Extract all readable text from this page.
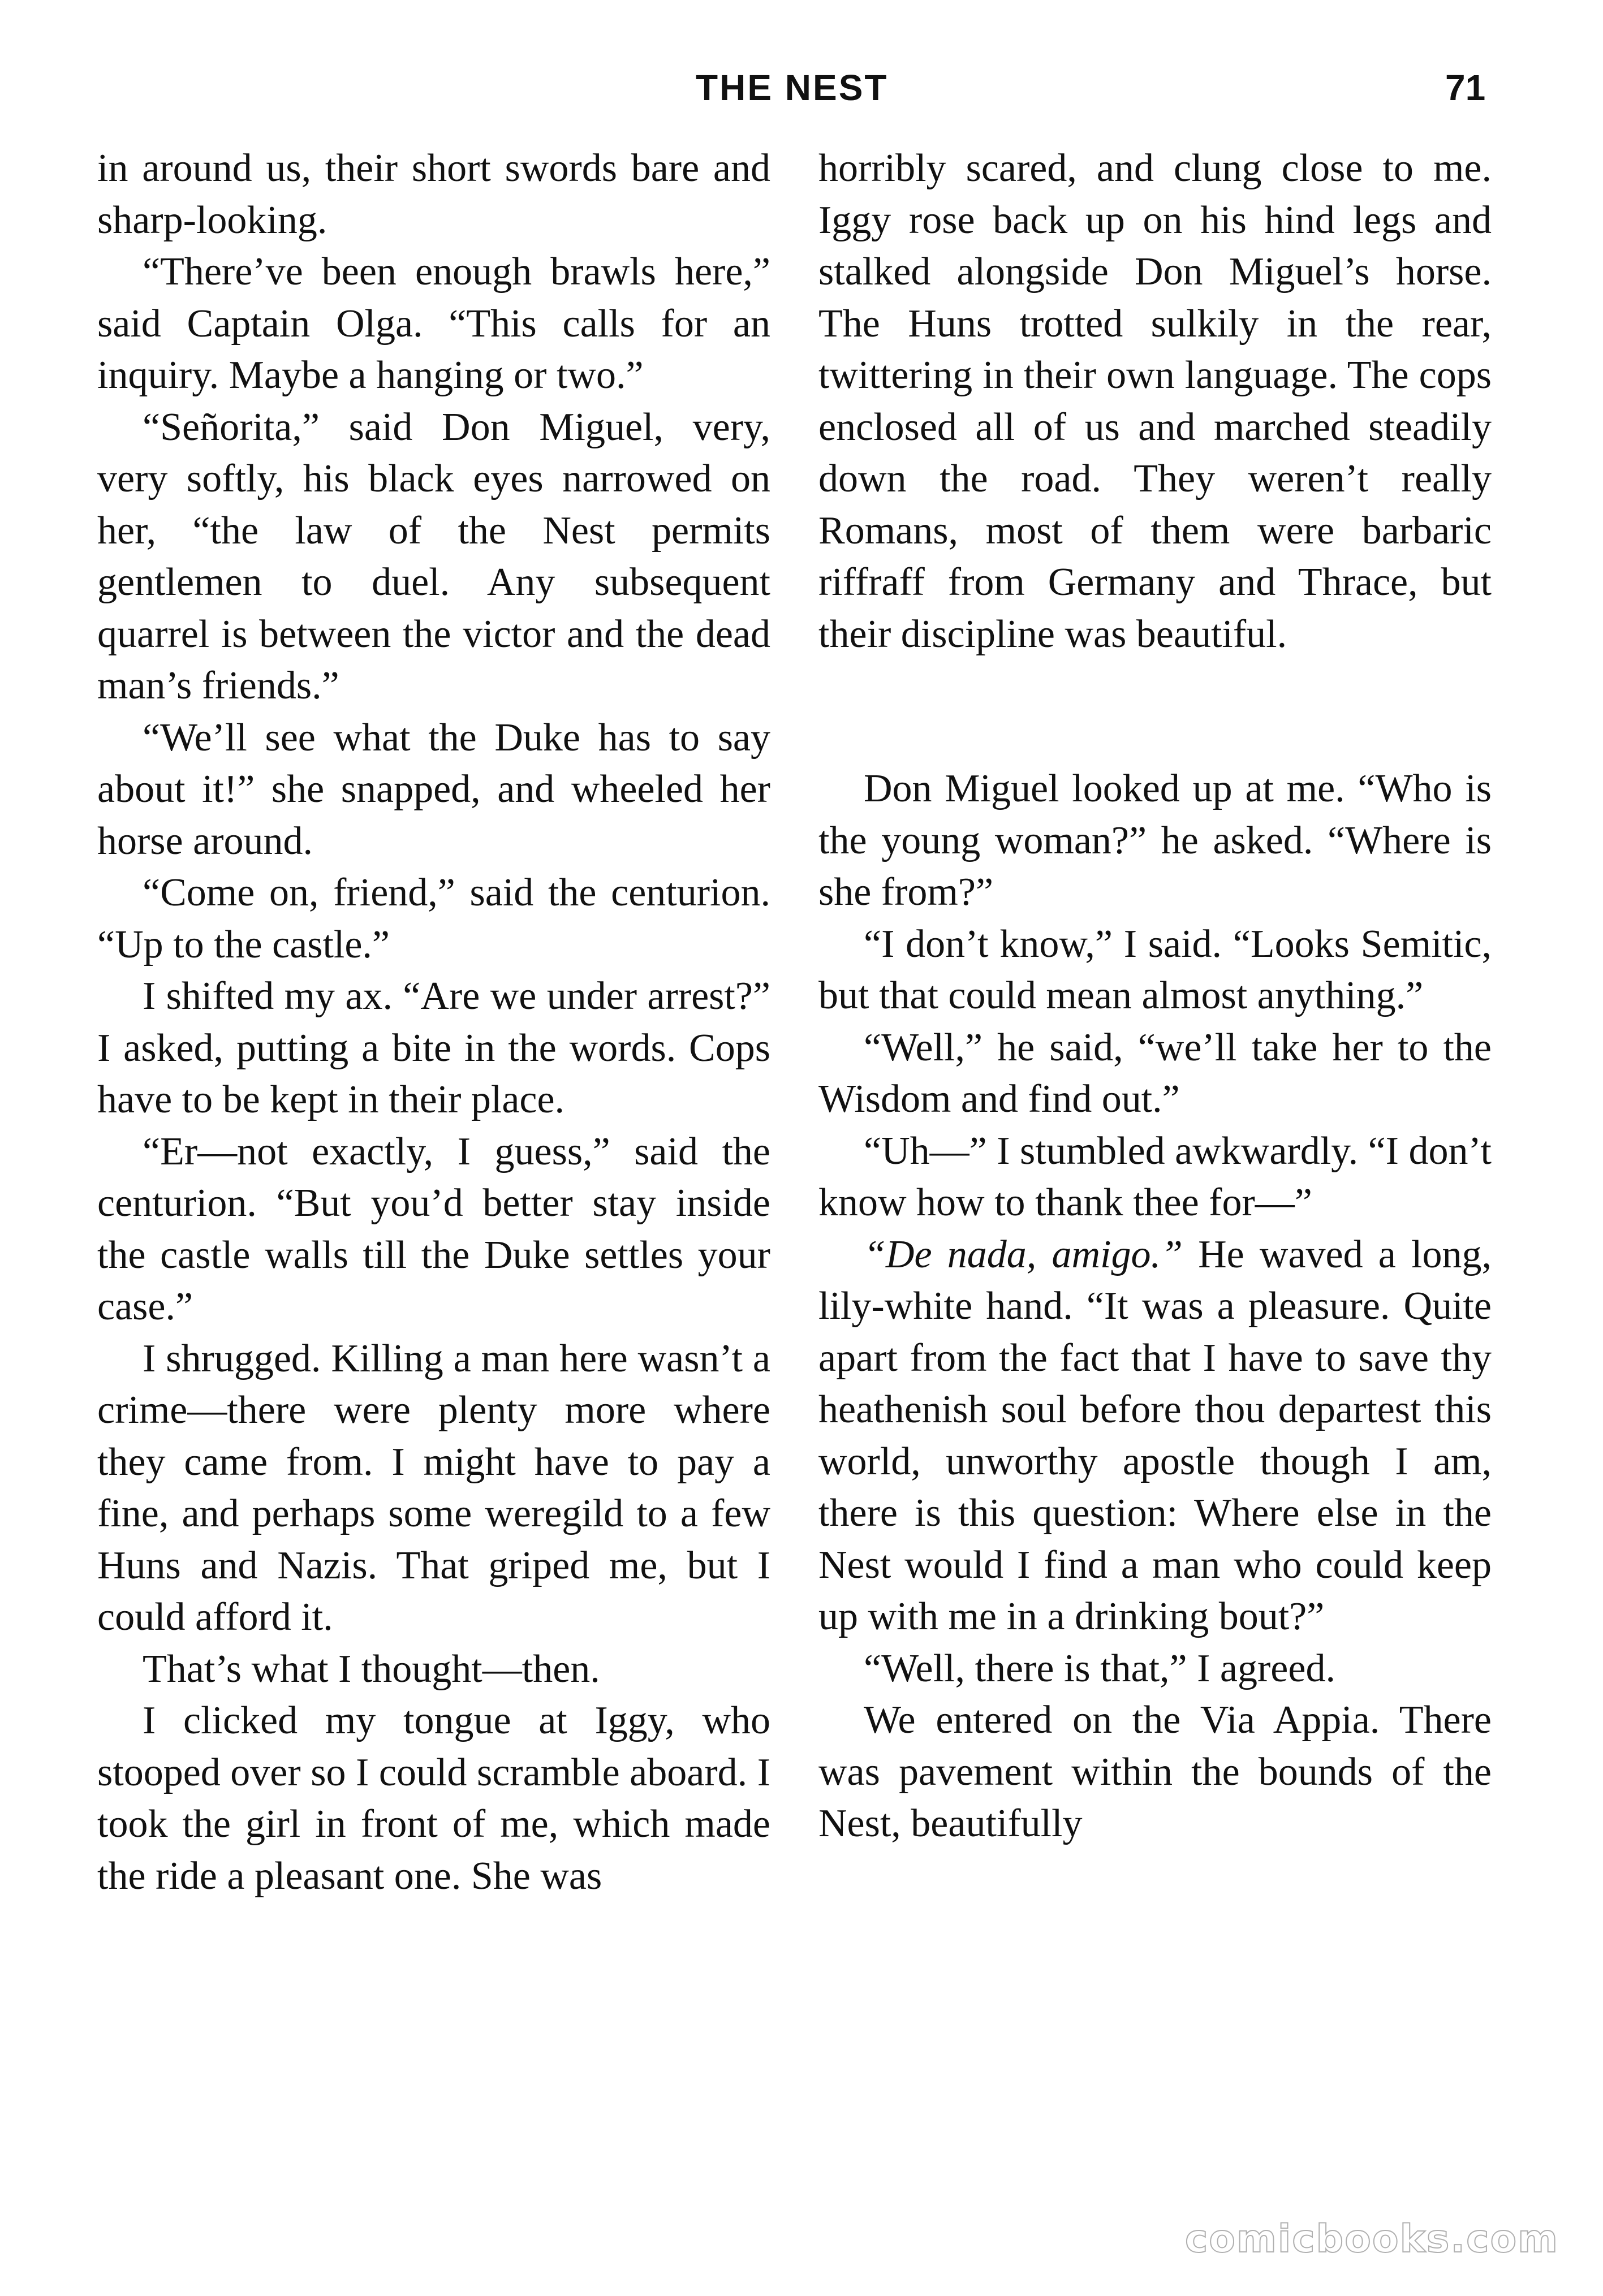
THE NEST	71

in around us, their short swords bare and sharp-looking.

“There’ve been enough brawls here,” said Captain Olga. “This calls for an inquiry. Maybe a hanging or two.”

“Señorita,” said Don Miguel, very, very softly, his black eyes narrowed on her, “the law of the Nest permits gentlemen to duel. Any subsequent quarrel is between the victor and the dead man’s friends.”

“We’ll see what the Duke has to say about it!” she snapped, and wheeled her horse around.

“Come on, friend,” said the centurion. “Up to the castle.”

I shifted my ax. “Are we under arrest?” I asked, putting a bite in the words. Cops have to be kept in their place.

“Er—not exactly, I guess,” said the centurion. “But you’d better stay inside the castle walls till the Duke settles your case.”

I shrugged. Killing a man here wasn’t a crime—there were plenty more where they came from. I might have to pay a fine, and perhaps some weregild to a few Huns and Nazis. That griped me, but I could afford it.

That’s what I thought—then.

I clicked my tongue at Iggy, who stooped over so I could scramble aboard. I took the girl in front of me, which made the ride a pleasant one. She was

horribly scared, and clung close to me. Iggy rose back up on his hind legs and stalked alongside Don Miguel’s horse. The Huns trotted sulkily in the rear, twittering in their own language. The cops enclosed all of us and marched steadily down the road. They weren’t really Romans, most of them were barbaric riffraff from Germany and Thrace, but their discipline was beautiful.

Don Miguel looked up at me. “Who is the young woman?” he asked. “Where is she from?”

“I don’t know,” I said. “Looks Semitic, but that could mean almost anything.”

“Well,” he said, “we’ll take her to the Wisdom and find out.”

“Uh—” I stumbled awkwardly. “I don’t know how to thank thee for—”

“De nada, amigo.” He waved a long, lily-white hand. “It was a pleasure. Quite apart from the fact that I have to save thy heathenish soul before thou departest this world, unworthy apostle though I am, there is this question: Where else in the Nest would I find a man who could keep up with me in a drinking bout?”

“Well, there is that,” I agreed.

We entered on the Via Appia. There was pavement within the bounds of the Nest, beautifully

comicbooks.com
